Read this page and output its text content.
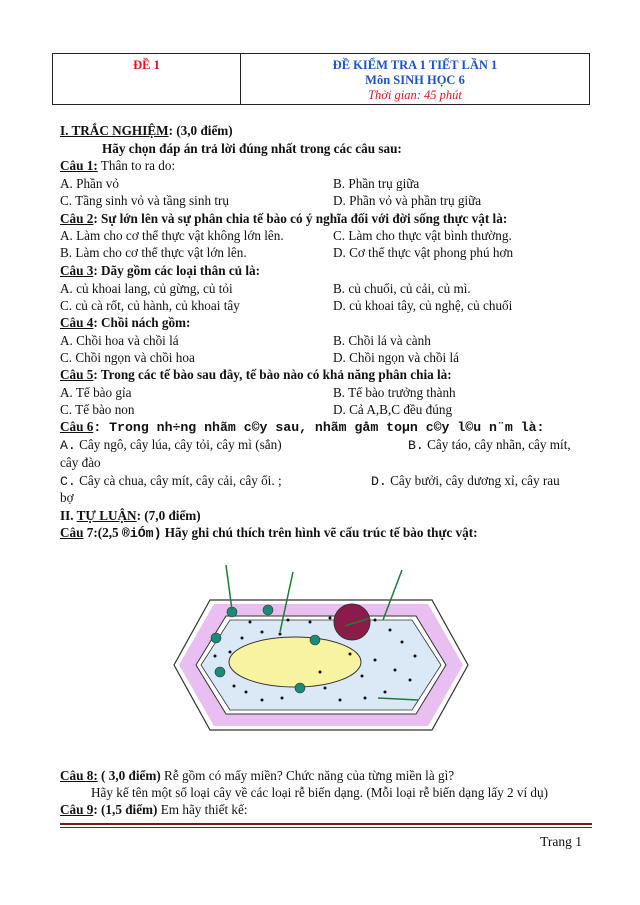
ĐỀ 1	ĐỀ KIỂM TRA 1 TIẾT LẦN 1
Môn SINH HỌC 6
Thời gian: 45 phút
I. TRẮC NGHIỆM: (3,0 điểm)
Hãy chọn đáp án trả lời đúng nhất trong các câu sau:
Câu 1: Thân to ra do:
A. Phần vỏ	B. Phần trụ giữa
C. Tầng sinh vỏ và tầng sinh trụ	D. Phần vỏ và phần trụ giữa
Câu 2: Sự lớn lên và sự phân chia tế bào có ý nghĩa đối với đời sống thực vật là:
A. Làm cho cơ thể thực vật không lớn lên.	C. Làm cho thực vật bình thường.
B. Làm cho cơ thể thực vật lớn lên.	D. Cơ thể thực vật phong phú hơn
Câu 3: Dãy gồm các loại thân củ là:
A. củ khoai lang, củ gừng, củ tỏi	B. củ chuối, củ cải, củ mì.
C. củ cà rốt, củ hành, củ khoai tây	D. củ khoai tây, củ nghệ, củ chuối
Câu 4: Chồi nách gồm:
A. Chồi hoa và chồi lá	B. Chồi lá và cành
C. Chồi ngọn và chồi hoa	D. Chồi ngọn và chồi lá
Câu 5: Trong các tế bào sau đây, tế bào nào có khả năng phân chia là:
A. Tế bào gỉa	B. Tế bào trưởng thành
C. Tế bào non	D. Cả A,B,C đều đúng
Câu 6: Trong nh÷ng nhãm c©y sau, nhãm gåm toµn c©y l©u n¨m là:
A. Cây ngô, cây lúa, cây tỏi, cây mì (sắn)	B. Cây táo, cây nhãn, cây mít,
cây đào
C. Cây cà chua, cây mít, cây cải, cây ổi. ;	D. Cây bưởi, cây dương xỉ, cây rau
bợ
II. TỰ LUẬN: (7,0 điểm)
Câu 7:(2,5 ®iÓm) Hãy ghi chú thích trên hình vẽ cấu trúc tế bào thực vật:
Câu 8: ( 3,0 điểm) Rễ gồm có mấy miền? Chức năng của từng miền là gì?
Hãy kể tên một số loại cây về các loại rễ biến dạng. (Mỗi loại rễ biến dạng lấy 2 ví dụ)
Câu 9: (1,5 điểm) Em hãy thiết kế:
Trang 1
